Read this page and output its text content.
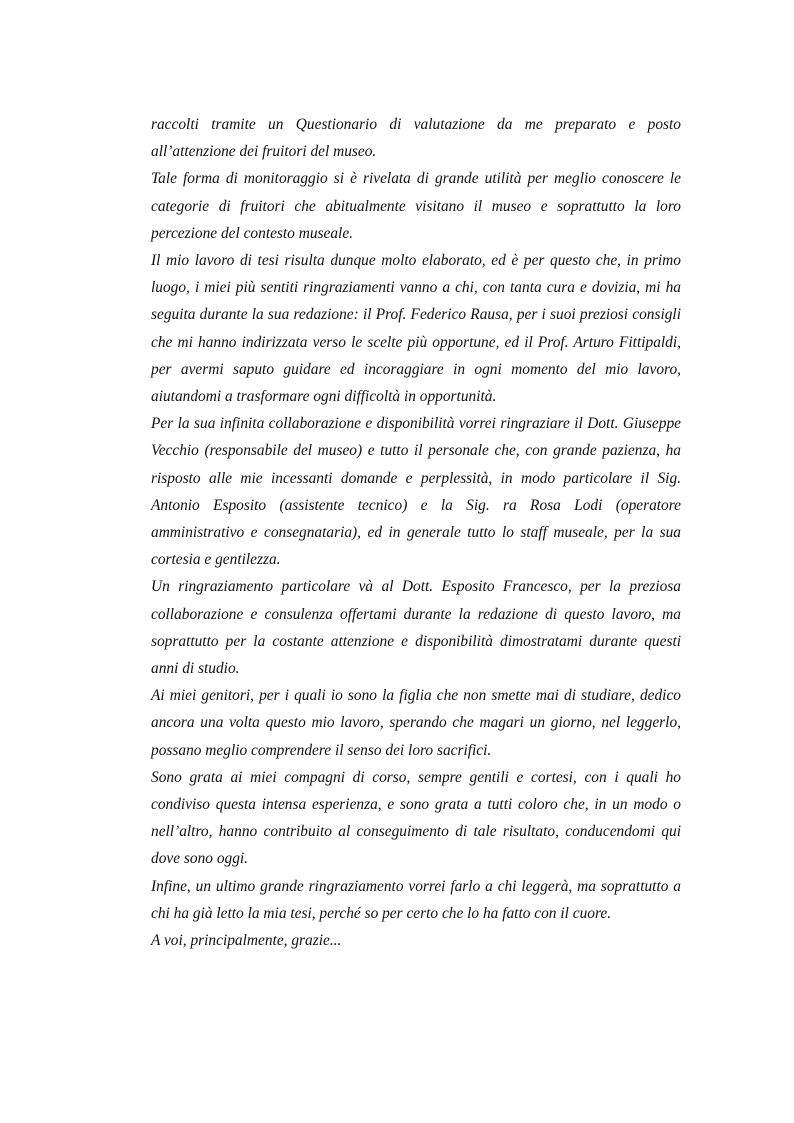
raccolti tramite un Questionario di valutazione da me preparato e posto all’attenzione dei fruitori del museo.

Tale forma di monitoraggio si è rivelata di grande utilità per meglio conoscere le categorie di fruitori che abitualmente visitano il museo e soprattutto la loro percezione del contesto museale.

Il mio lavoro di tesi risulta dunque molto elaborato, ed è per questo che, in primo luogo, i miei più sentiti ringraziamenti vanno a chi, con tanta cura e dovizia, mi ha seguita durante la sua redazione: il Prof. Federico Rausa, per i suoi preziosi consigli che mi hanno indirizzata verso le scelte più opportune, ed il Prof. Arturo Fittipaldi, per avermi saputo guidare ed incoraggiare in ogni momento del mio lavoro, aiutandomi a trasformare ogni difficoltà in opportunità.

Per la sua infinita collaborazione e disponibilità vorrei ringraziare il Dott. Giuseppe Vecchio (responsabile del museo) e tutto il personale che, con grande pazienza, ha risposto alle mie incessanti domande e perplessità, in modo particolare il Sig. Antonio Esposito (assistente tecnico) e la Sig. ra Rosa Lodi (operatore amministrativo e consegnataria), ed in generale tutto lo staff museale, per la sua cortesia e gentilezza.

Un ringraziamento particolare và al Dott. Esposito Francesco, per la preziosa collaborazione e consulenza offertami durante la redazione di questo lavoro, ma soprattutto per la costante attenzione e disponibilità dimostratami durante questi anni di studio.

Ai miei genitori, per i quali io sono la figlia che non smette mai di studiare, dedico ancora una volta questo mio lavoro, sperando che magari un giorno, nel leggerlo, possano meglio comprendere il senso dei loro sacrifici.

Sono grata ai miei compagni di corso, sempre gentili e cortesi, con i quali ho condiviso questa intensa esperienza, e sono grata a tutti coloro che, in un modo o nell’altro, hanno contribuito al conseguimento di tale risultato, conducendomi qui dove sono oggi.

Infine, un ultimo grande ringraziamento vorrei farlo a chi leggerà, ma soprattutto a chi ha già letto la mia tesi, perché so per certo che lo ha fatto con il cuore.

A voi, principalmente, grazie...
